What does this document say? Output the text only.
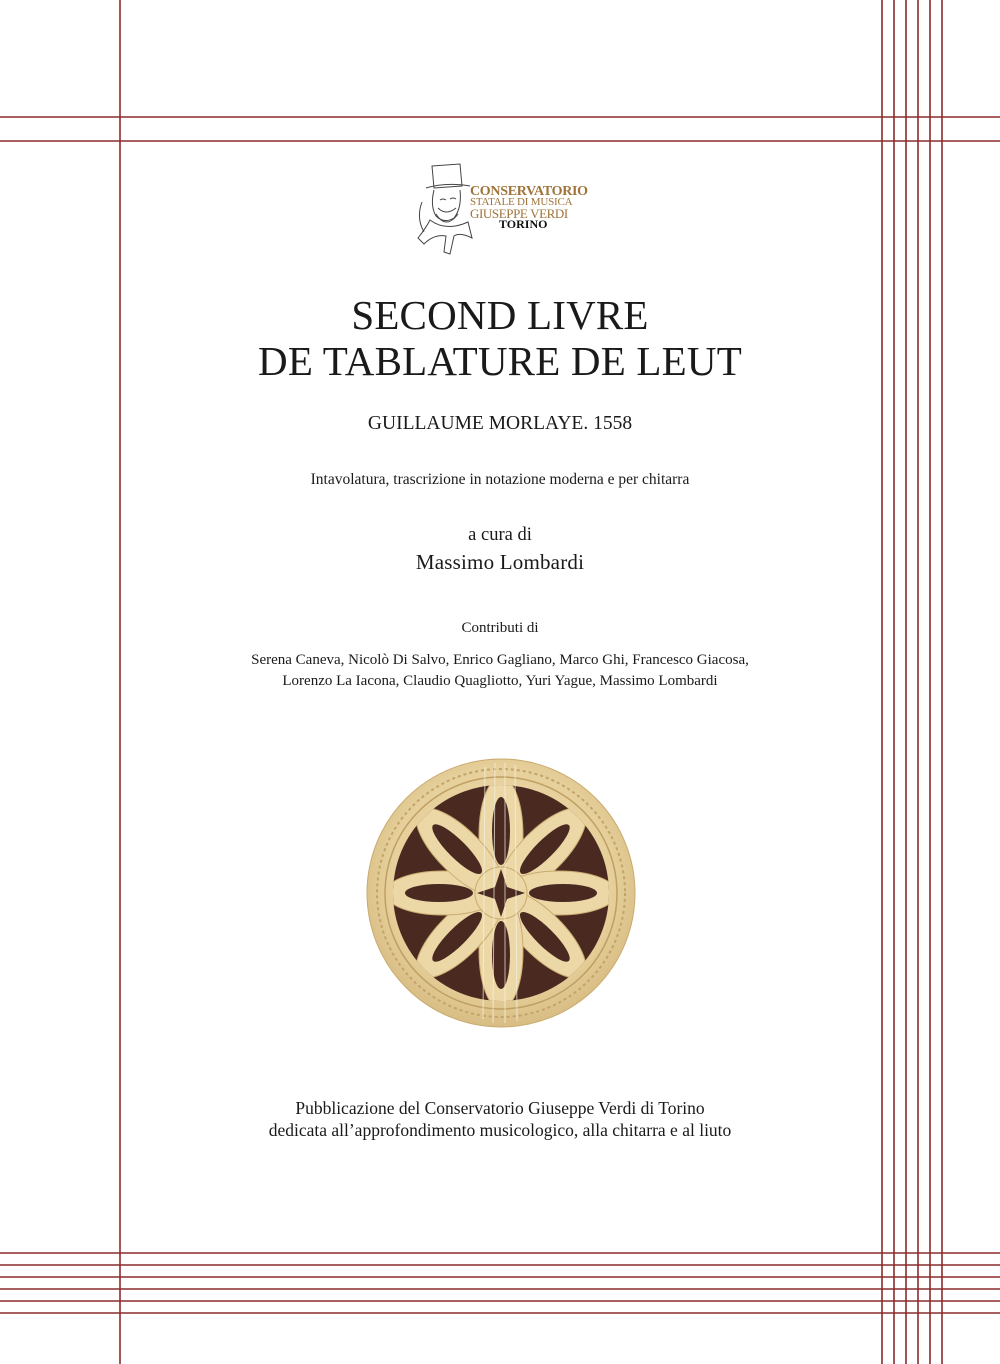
CONSERVATORIO
STATALE DI MUSICA
GIUSEPPE VERDI
TORINO
SECOND LIVRE
DE TABLATURE DE LEUT
GUILLAUME MORLAYE. 1558
Intavolatura, trascrizione in notazione moderna e per chitarra
a cura di
Massimo Lombardi
Contributi di
Serena Caneva, Nicolò Di Salvo, Enrico Gagliano, Marco Ghi, Francesco Giacosa,
Lorenzo La Iacona, Claudio Quagliotto, Yuri Yague, Massimo Lombardi
Pubblicazione del Conservatorio Giuseppe Verdi di Torino
dedicata all’approfondimento musicologico, alla chitarra e al liuto
